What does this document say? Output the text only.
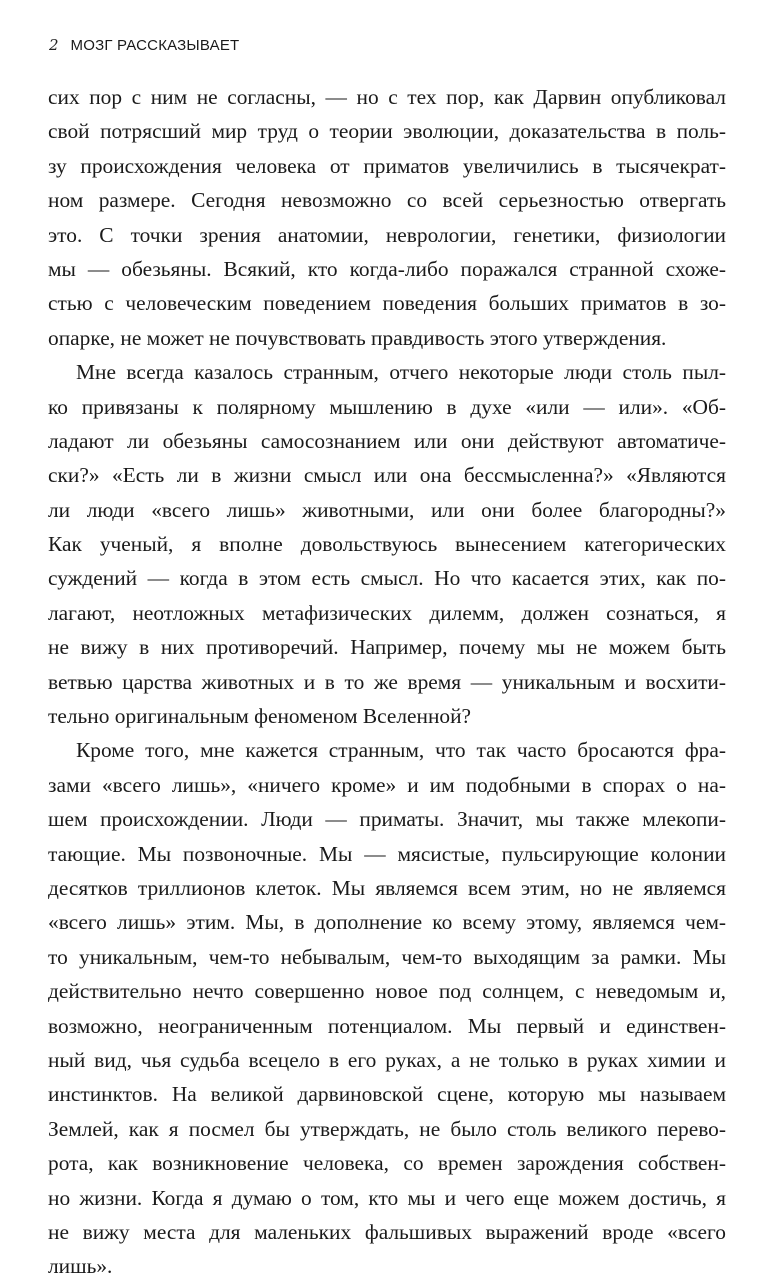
2 МОЗГ РАССКАЗЫВАЕТ
сих пор с ним не согласны, — но с тех пор, как Дарвин опубликовал
свой потрясший мир труд о теории эволюции, доказательства в поль-
зу происхождения человека от приматов увеличились в тысячекрат-
ном размере. Сегодня невозможно со всей серьезностью отвергать
это. С точки зрения анатомии, неврологии, генетики, физиологии
мы — обезьяны. Всякий, кто когда-либо поражался странной схоже-
стью с человеческим поведением поведения больших приматов в зо-
опарке, не может не почувствовать правдивость этого утверждения.
Мне всегда казалось странным, отчего некоторые люди столь пыл-
ко привязаны к полярному мышлению в духе «или — или». «Об-
ладают ли обезьяны самосознанием или они действуют автоматиче-
ски?» «Есть ли в жизни смысл или она бессмысленна?» «Являются
ли люди «всего лишь» животными, или они более благородны?»
Как ученый, я вполне довольствуюсь вынесением категорических
суждений — когда в этом есть смысл. Но что касается этих, как по-
лагают, неотложных метафизических дилемм, должен сознаться, я
не вижу в них противоречий. Например, почему мы не можем быть
ветвью царства животных и в то же время — уникальным и восхити-
тельно оригинальным феноменом Вселенной?
Кроме того, мне кажется странным, что так часто бросаются фра-
зами «всего лишь», «ничего кроме» и им подобными в спорах о на-
шем происхождении. Люди — приматы. Значит, мы также млекопи-
тающие. Мы позвоночные. Мы — мясистые, пульсирующие колонии
десятков триллионов клеток. Мы являемся всем этим, но не являемся
«всего лишь» этим. Мы, в дополнение ко всему этому, являемся чем-
то уникальным, чем-то небывалым, чем-то выходящим за рамки. Мы
действительно нечто совершенно новое под солнцем, с неведомым и,
возможно, неограниченным потенциалом. Мы первый и единствен-
ный вид, чья судьба всецело в его руках, а не только в руках химии и
инстинктов. На великой дарвиновской сцене, которую мы называем
Землей, как я посмел бы утверждать, не было столь великого перево-
рота, как возникновение человека, со времен зарождения собствен-
но жизни. Когда я думаю о том, кто мы и чего еще можем достичь, я
не вижу места для маленьких фальшивых выражений вроде «всего
лишь».
